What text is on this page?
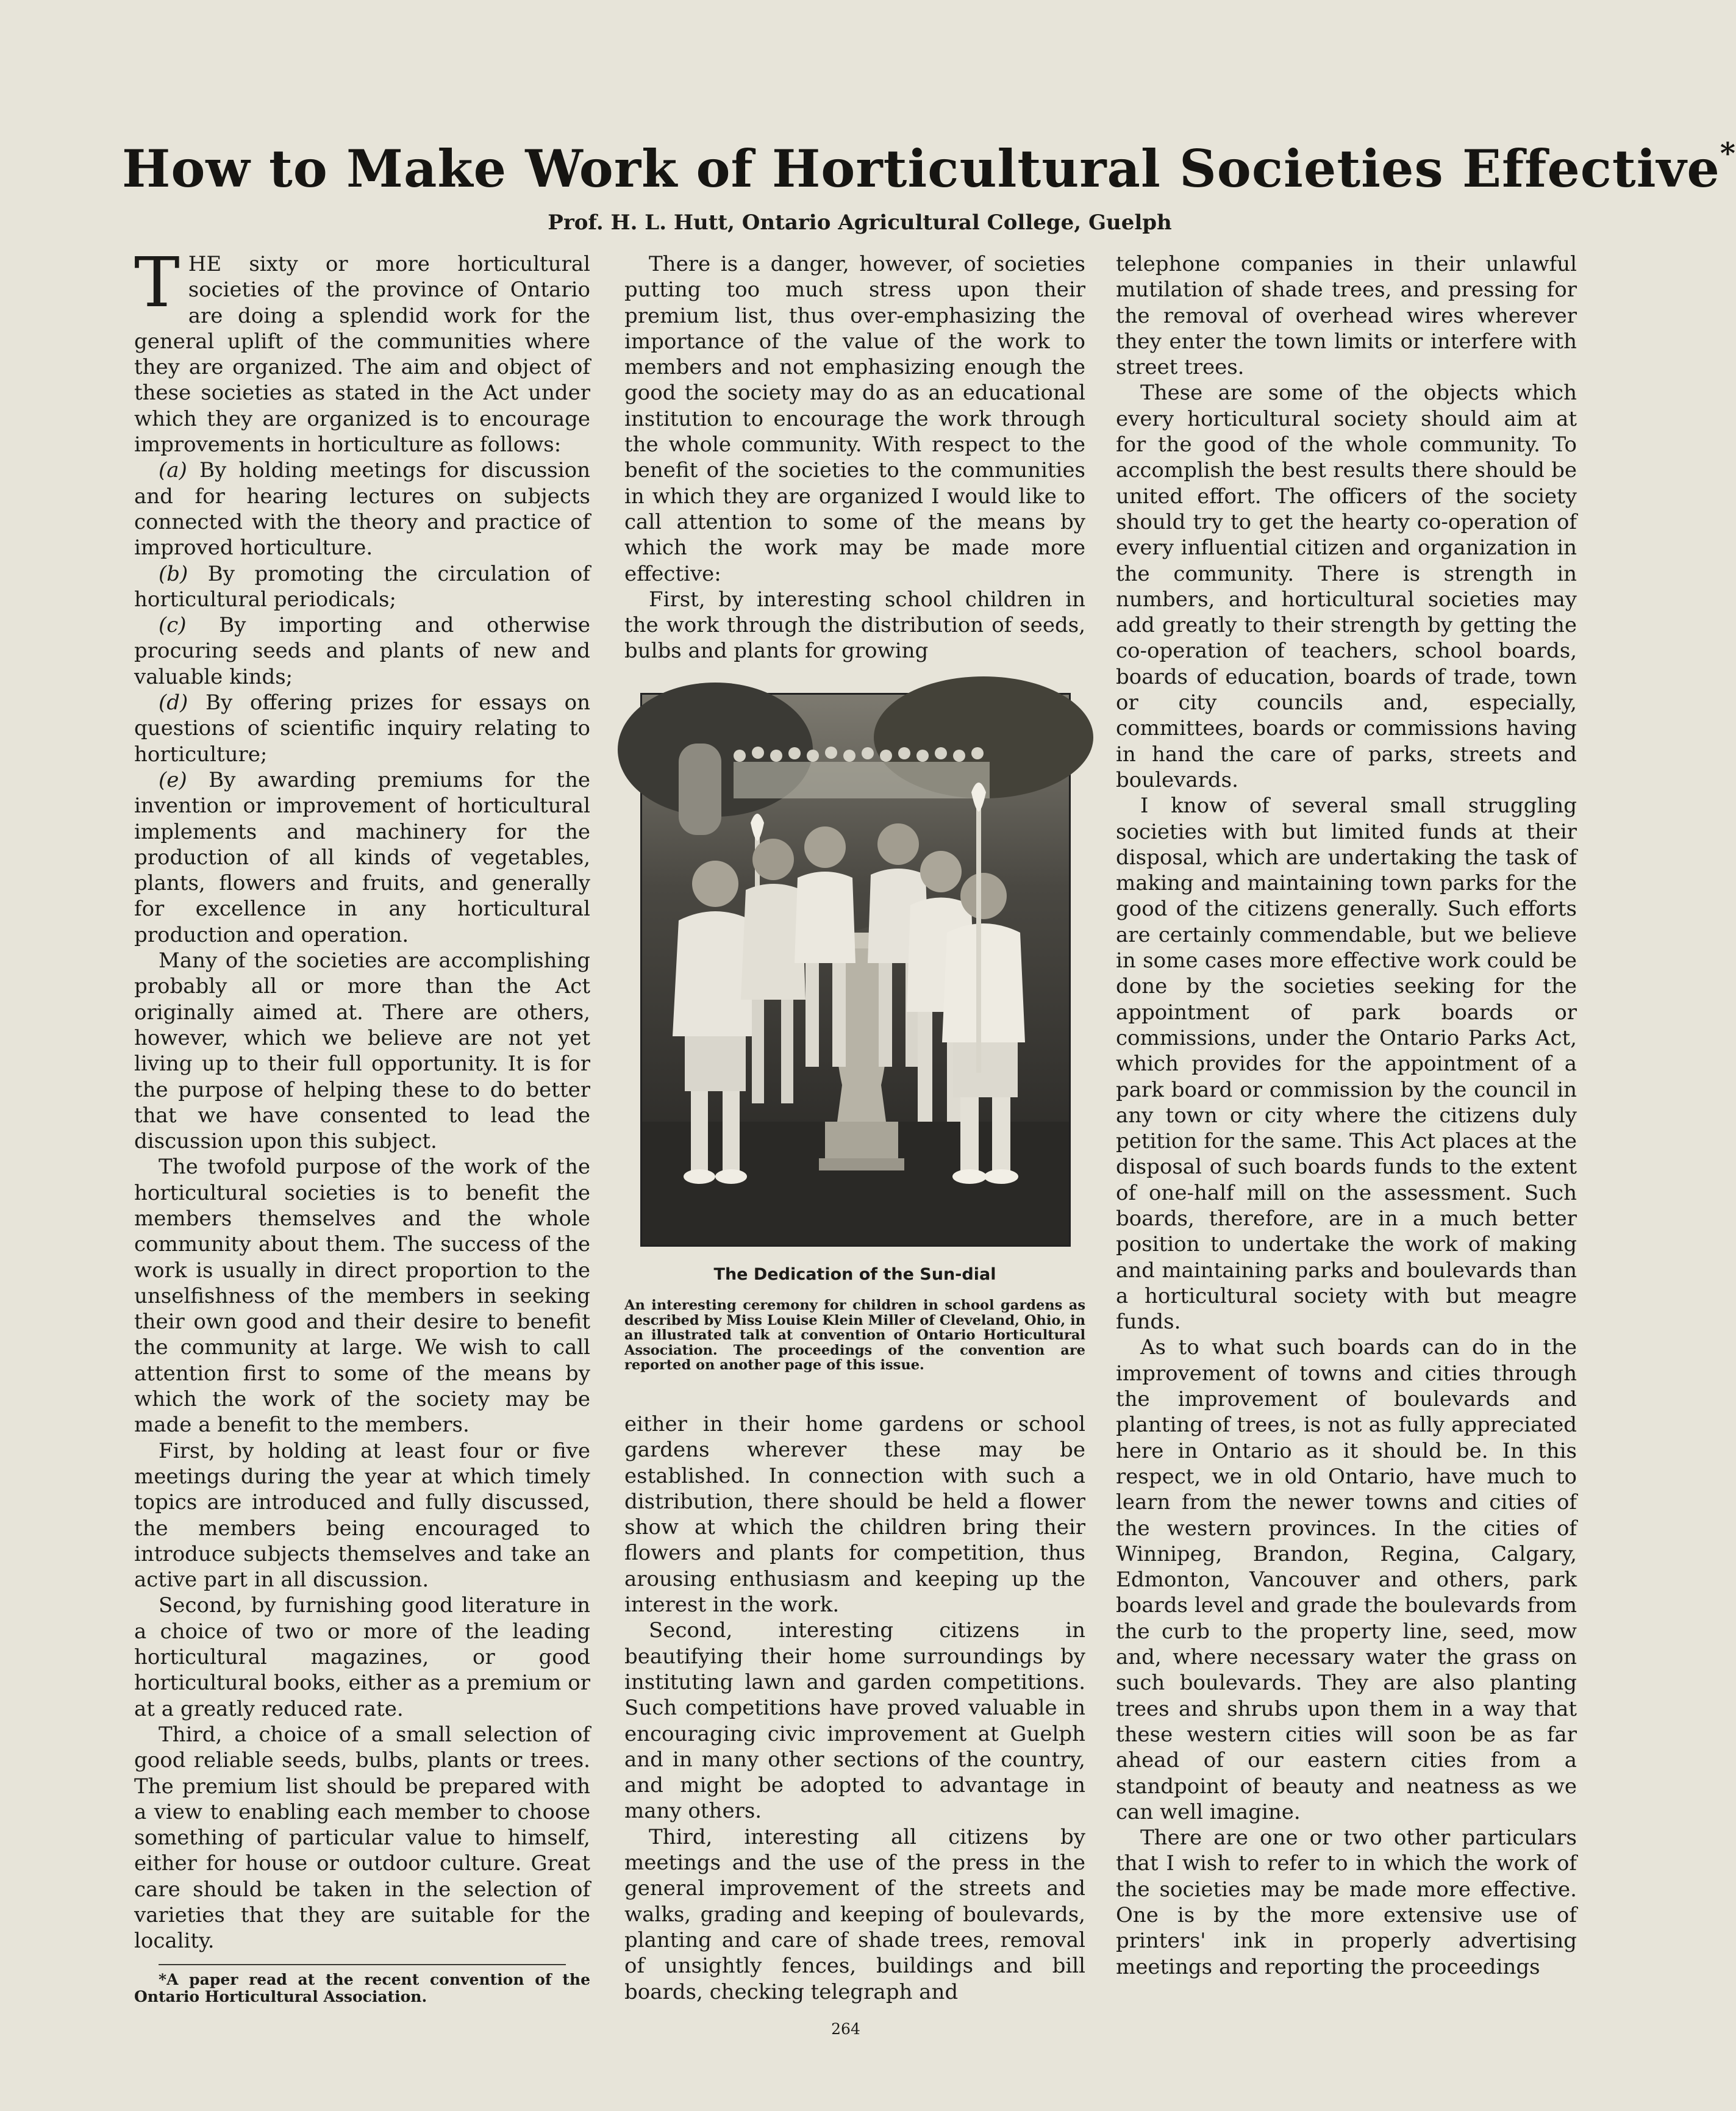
How to Make Work of Horticultural Societies Effective*
Prof. H. L. Hutt, Ontario Agricultural College, Guelph

THE sixty or more horticultural societies of the province of Ontario are doing a splendid work for the general uplift of the communities where they are organized. The aim and object of these societies as stated in the Act under which they are organized is to encourage improvements in horticulture as follows:

(a) By holding meetings for discussion and for hearing lectures on subjects connected with the theory and practice of improved horticulture.

(b) By promoting the circulation of horticultural periodicals;

(c) By importing and otherwise procuring seeds and plants of new and valuable kinds;

(d) By offering prizes for essays on questions of scientific inquiry relating to horticulture;

(e) By awarding premiums for the invention or improvement of horticultural implements and machinery for the production of all kinds of vegetables, plants, flowers and fruits, and generally for excellence in any horticultural production and operation.

Many of the societies are accomplishing probably all or more than the Act originally aimed at. There are others, however, which we believe are not yet living up to their full opportunity. It is for the purpose of helping these to do better that we have consented to lead the discussion upon this subject.

The twofold purpose of the work of the horticultural societies is to benefit the members themselves and the whole community about them. The success of the work is usually in direct proportion to the unselfishness of the members in seeking their own good and their desire to benefit the community at large. We wish to call attention first to some of the means by which the work of the society may be made a benefit to the members.

First, by holding at least four or five meetings during the year at which timely topics are introduced and fully discussed, the members being encouraged to introduce subjects themselves and take an active part in all discussion.

Second, by furnishing good literature in a choice of two or more of the leading horticultural magazines, or good horticultural books, either as a premium or at a greatly reduced rate.

Third, a choice of a small selection of good reliable seeds, bulbs, plants or trees. The premium list should be prepared with a view to enabling each member to choose something of particular value to himself, either for house or outdoor culture. Great care should be taken in the selection of varieties that they are suitable for the locality.

*A paper read at the recent convention of the Ontario Horticultural Association.

There is a danger, however, of societies putting too much stress upon their premium list, thus over-emphasizing the importance of the value of the work to members and not emphasizing enough the good the society may do as an educational institution to encourage the work through the whole community. With respect to the benefit of the societies to the communities in which they are organized I would like to call attention to some of the means by which the work may be made more effective:

First, by interesting school children in the work through the distribution of seeds, bulbs and plants for growing

The Dedication of the Sun-dial
An interesting ceremony for children in school gardens as described by Miss Louise Klein Miller of Cleveland, Ohio, in an illustrated talk at convention of Ontario Horticultural Association. The proceedings of the convention are reported on another page of this issue.

either in their home gardens or school gardens wherever these may be established. In connection with such a distribution, there should be held a flower show at which the children bring their flowers and plants for competition, thus arousing enthusiasm and keeping up the interest in the work.

Second, interesting citizens in beautifying their home surroundings by instituting lawn and garden competitions. Such competitions have proved valuable in encouraging civic improvement at Guelph and in many other sections of the country, and might be adopted to advantage in many others.

Third, interesting all citizens by meetings and the use of the press in the general improvement of the streets and walks, grading and keeping of boulevards, planting and care of shade trees, removal of unsightly fences, buildings and bill boards, checking telegraph and

telephone companies in their unlawful mutilation of shade trees, and pressing for the removal of overhead wires wherever they enter the town limits or interfere with street trees.

These are some of the objects which every horticultural society should aim at for the good of the whole community. To accomplish the best results there should be united effort. The officers of the society should try to get the hearty co-operation of every influential citizen and organization in the community. There is strength in numbers, and horticultural societies may add greatly to their strength by getting the co-operation of teachers, school boards, boards of education, boards of trade, town or city councils and, especially, committees, boards or commissions having in hand the care of parks, streets and boulevards.

I know of several small struggling societies with but limited funds at their disposal, which are undertaking the task of making and maintaining town parks for the good of the citizens generally. Such efforts are certainly commendable, but we believe in some cases more effective work could be done by the societies seeking for the appointment of park boards or commissions, under the Ontario Parks Act, which provides for the appointment of a park board or commission by the council in any town or city where the citizens duly petition for the same. This Act places at the disposal of such boards funds to the extent of one-half mill on the assessment. Such boards, therefore, are in a much better position to undertake the work of making and maintaining parks and boulevards than a horticultural society with but meagre funds.

As to what such boards can do in the improvement of towns and cities through the improvement of boulevards and planting of trees, is not as fully appreciated here in Ontario as it should be. In this respect, we in old Ontario, have much to learn from the newer towns and cities of the western provinces. In the cities of Winnipeg, Brandon, Regina, Calgary, Edmonton, Vancouver and others, park boards level and grade the boulevards from the curb to the property line, seed, mow and, where necessary water the grass on such boulevards. They are also planting trees and shrubs upon them in a way that these western cities will soon be as far ahead of our eastern cities from a standpoint of beauty and neatness as we can well imagine.

There are one or two other particulars that I wish to refer to in which the work of the societies may be made more effective. One is by the more extensive use of printers' ink in properly advertising meetings and reporting the proceedings

264
